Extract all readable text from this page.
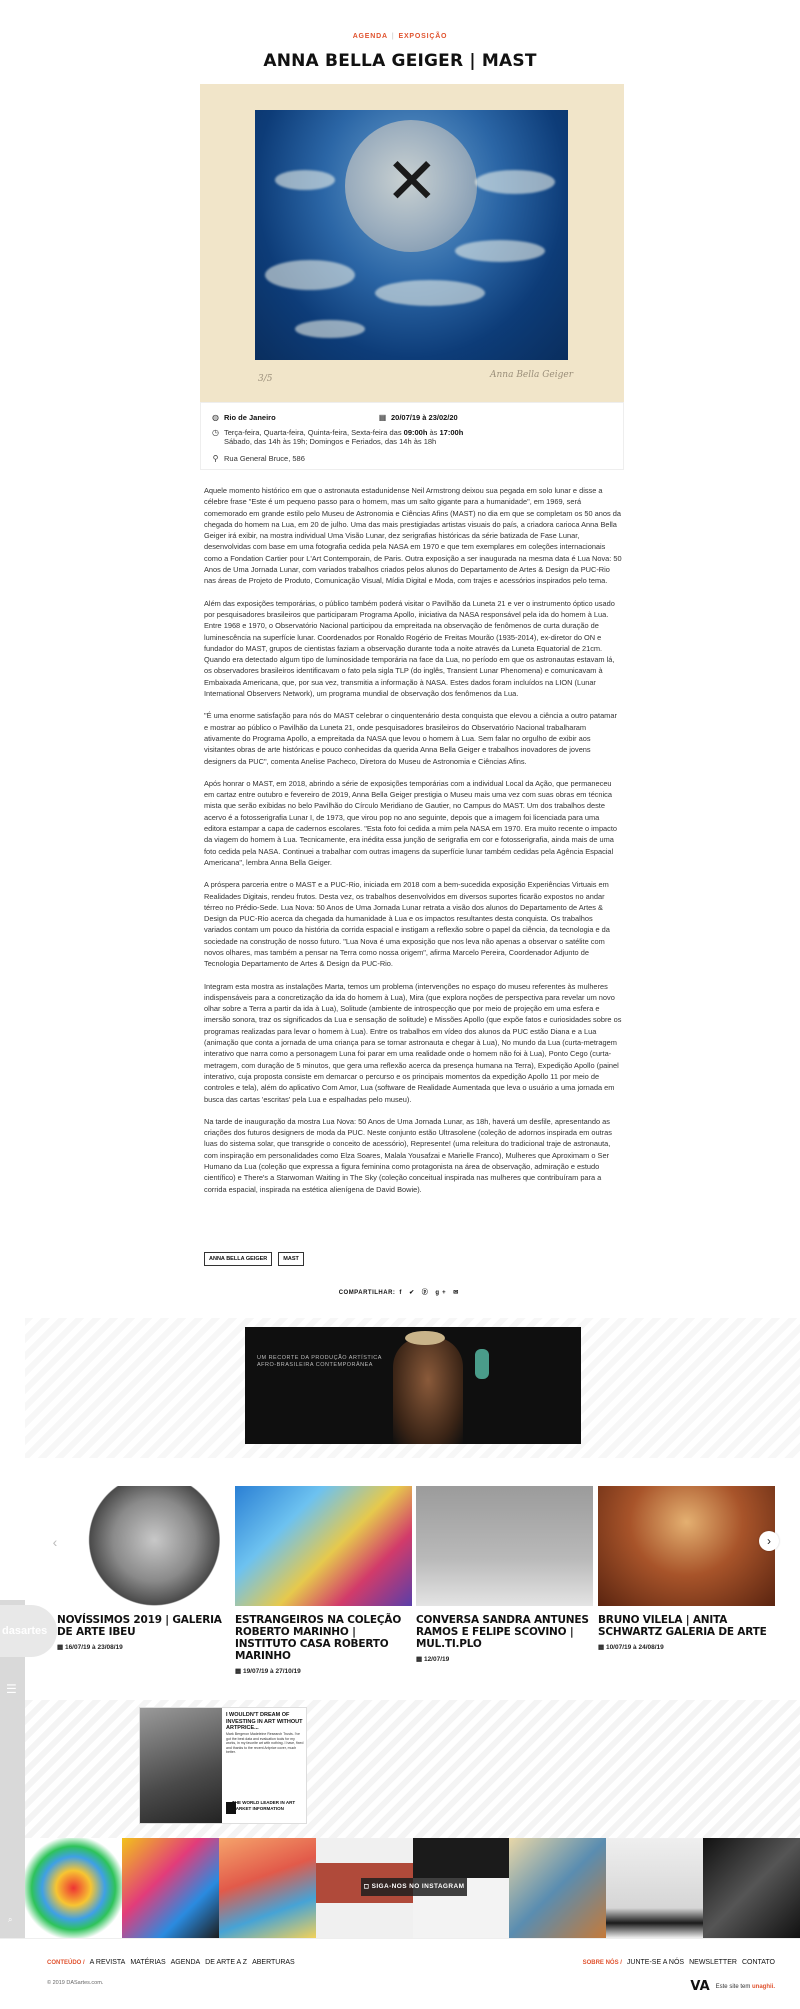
AGENDA | EXPOSIÇÃO
ANNA BELLA GEIGER | MAST
✕
3/5	Anna Bella Geiger
◍ Rio de Janeiro	▦ 20/07/19 à 23/02/20
◷ Terça-feira, Quarta-feira, Quinta-feira, Sexta-feira das 09:00h às 17:00h
Sábado, das 14h às 19h; Domingos e Feriados, das 14h às 18h
⚲ Rua General Bruce, 586

Aquele momento histórico em que o astronauta estadunidense Neil Armstrong deixou sua pegada em solo lunar e disse a célebre frase "Este é um pequeno passo para o homem, mas um salto gigante para a humanidade", em 1969, será comemorado em grande estilo pelo Museu de Astronomia e Ciências Afins (MAST) no dia em que se completam os 50 anos da chegada do homem na Lua, em 20 de julho. Uma das mais prestigiadas artistas visuais do país, a criadora carioca Anna Bella Geiger irá exibir, na mostra individual Uma Visão Lunar, dez serigrafias históricas da série batizada de Fase Lunar, desenvolvidas com base em uma fotografia cedida pela NASA em 1970 e que tem exemplares em coleções internacionais como a Fondation Cartier pour L'Art Contemporain, de Paris. Outra exposição a ser inaugurada na mesma data é Lua Nova: 50 Anos de Uma Jornada Lunar, com variados trabalhos criados pelos alunos do Departamento de Artes & Design da PUC-Rio nas áreas de Projeto de Produto, Comunicação Visual, Mídia Digital e Moda, com trajes e acessórios inspirados pelo tema.

Além das exposições temporárias, o público também poderá visitar o Pavilhão da Luneta 21 e ver o instrumento óptico usado por pesquisadores brasileiros que participaram Programa Apollo, iniciativa da NASA responsável pela ida do homem à Lua. Entre 1968 e 1970, o Observatório Nacional participou da empreitada na observação de fenômenos de curta duração de luminescência na superfície lunar. Coordenados por Ronaldo Rogério de Freitas Mourão (1935-2014), ex-diretor do ON e fundador do MAST, grupos de cientistas faziam a observação durante toda a noite através da Luneta Equatorial de 21cm. Quando era detectado algum tipo de luminosidade temporária na face da Lua, no período em que os astronautas estavam lá, os observadores brasileiros identificavam o fato pela sigla TLP (do inglês, Transient Lunar Phenomena) e comunicavam à Embaixada Americana, que, por sua vez, transmitia a informação à NASA. Estes dados foram incluídos na LION (Lunar International Observers Network), um programa mundial de observação dos fenômenos da Lua.

"É uma enorme satisfação para nós do MAST celebrar o cinquentenário desta conquista que elevou a ciência a outro patamar e mostrar ao público o Pavilhão da Luneta 21, onde pesquisadores brasileiros do Observatório Nacional trabalharam ativamente do Programa Apollo, a empreitada da NASA que levou o homem à Lua. Sem falar no orgulho de exibir aos visitantes obras de arte históricas e pouco conhecidas da querida Anna Bella Geiger e trabalhos inovadores de jovens designers da PUC", comenta Anelise Pacheco, Diretora do Museu de Astronomia e Ciências Afins.

Após honrar o MAST, em 2018, abrindo a série de exposições temporárias com a individual Local da Ação, que permaneceu em cartaz entre outubro e fevereiro de 2019, Anna Bella Geiger prestigia o Museu mais uma vez com suas obras em técnica mista que serão exibidas no belo Pavilhão do Círculo Meridiano de Gautier, no Campus do MAST. Um dos trabalhos deste acervo é a fotosserigrafia Lunar I, de 1973, que virou pop no ano seguinte, depois que a imagem foi licenciada para uma editora estampar a capa de cadernos escolares. "Esta foto foi cedida a mim pela NASA em 1970. Era muito recente o impacto da viagem do homem à Lua. Tecnicamente, era inédita essa junção de serigrafia em cor e fotosserigrafia, ainda mais de uma foto cedida pela NASA. Continuei a trabalhar com outras imagens da superfície lunar também cedidas pela Agência Espacial Americana", lembra Anna Bella Geiger.

A próspera parceria entre o MAST e a PUC-Rio, iniciada em 2018 com a bem-sucedida exposição Experiências Virtuais em Realidades Digitais, rendeu frutos. Desta vez, os trabalhos desenvolvidos em diversos suportes ficarão expostos no andar térreo no Prédio-Sede. Lua Nova: 50 Anos de Uma Jornada Lunar retrata a visão dos alunos do Departamento de Artes & Design da PUC-Rio acerca da chegada da humanidade à Lua e os impactos resultantes desta conquista. Os trabalhos variados contam um pouco da história da corrida espacial e instigam a reflexão sobre o papel da ciência, da tecnologia e da sociedade na construção de nosso futuro. "Lua Nova é uma exposição que nos leva não apenas a observar o satélite com novos olhares, mas também a pensar na Terra como nossa origem", afirma Marcelo Pereira, Coordenador Adjunto de Tecnologia Departamento de Artes & Design da PUC-Rio.

Integram esta mostra as instalações Marta, temos um problema (intervenções no espaço do museu referentes às mulheres indispensáveis para a concretização da ida do homem à Lua), Mira (que explora noções de perspectiva para revelar um novo olhar sobre a Terra a partir da ida à Lua), Solitude (ambiente de introspecção que por meio de projeção em uma esfera e imersão sonora, traz os significados da Lua e sensação de solitude) e Missões Apollo (que expõe fatos e curiosidades sobre os programas realizadas para levar o homem à Lua). Entre os trabalhos em vídeo dos alunos da PUC estão Diana e a Lua (animação que conta a jornada de uma criança para se tornar astronauta e chegar à Lua), No mundo da Lua (curta-metragem interativo que narra como a personagem Luna foi parar em uma realidade onde o homem não foi à Lua), Ponto Cego (curta-metragem, com duração de 5 minutos, que gera uma reflexão acerca da presença humana na Terra), Expedição Apollo (painel interativo, cuja proposta consiste em demarcar o percurso e os principais momentos da expedição Apollo 11 por meio de controles e tela), além do aplicativo Com Amor, Lua (software de Realidade Aumentada que leva o usuário a uma jornada em busca das cartas 'escritas' pela Lua e espalhadas pelo museu).

Na tarde de inauguração da mostra Lua Nova: 50 Anos de Uma Jornada Lunar, as 18h, haverá um desfile, apresentando as criações dos futuros designers de moda da PUC. Neste conjunto estão Ultrasolene (coleção de adornos inspirada em outras luas do sistema solar, que transgride o conceito de acessório), Represente! (uma releitura do tradicional traje de astronauta, com inspiração em personalidades como Elza Soares, Malala Yousafzai e Marielle Franco), Mulheres que Aproximam o Ser Humano da Lua (coleção que expressa a figura feminina como protagonista na área de observação, admiração e estudo científico) e There's a Starwoman Waiting in The Sky (coleção conceitual inspirada nas mulheres que contribuíram para a corrida espacial, inspirada na estética alienígena de David Bowie).

ANNA BELLA GEIGER	MAST
COMPARTILHAR: f ✔ ⓟ g+ ✉
UM RECORTE DA PRODUÇÃO ARTÍSTICA
AFRO-BRASILEIRA CONTEMPORÂNEA
‹
NOVÍSSIMOS 2019 | GALERIA DE ARTE IBEU
▦ 16/07/19 à 23/08/19
ESTRANGEIROS NA COLEÇÃO ROBERTO MARINHO | INSTITUTO CASA ROBERTO MARINHO
▦ 19/07/19 à 27/10/19
CONVERSA SANDRA ANTUNES RAMOS E FELIPE SCOVINO | MUL.TI.PLO
▦ 12/07/19
BRUNO VILELA | ANITA SCHWARTZ GALERIA DE ARTE
▦ 10/07/19 à 24/08/19
›
I WOULDN'T DREAM OF INVESTING IN ART WITHOUT ARTPRICE...
Mark Bergeron Madeleine Research Trusts. I've got the best data and evaluation tools for my works, in my favorite art with nothing. I have, fixed and thanks to the recent Artprice cover, much better.
THE WORLD LEADER IN ART MARKET INFORMATION
◻ SIGA-NOS NO INSTAGRAM
dasartes
☰
⌕
CONTEÚDO / A REVISTA MATÉRIAS AGENDA DE ARTE A Z ABERTURAS	SOBRE NÓS / JUNTE-SE A NÓS NEWSLETTER CONTATO
© 2019 DASartes.com.	VA Este site tem unaghii.
